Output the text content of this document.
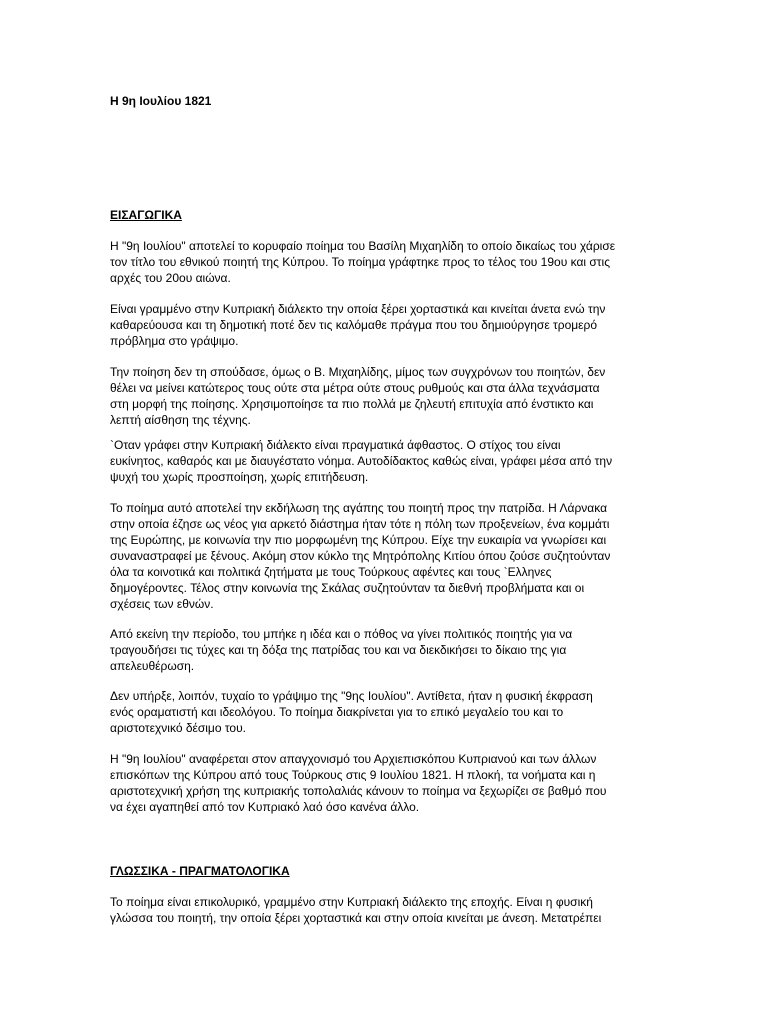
Η 9η Ιουλίου 1821
ΕΙΣΑΓΩΓΙΚΑ

Η "9η Ιουλίου" αποτελεί το κορυφαίο ποίημα του Βασίλη Μιχαηλίδη το οποίο δικαίως του χάρισε
τον τίτλο του εθνικού ποιητή της Κύπρου. Το ποίημα γράφτηκε προς το τέλος του 19ου και στις
αρχές του 20ου αιώνα.

Είναι γραμμένο στην Κυπριακή διάλεκτο την οποία ξέρει χορταστικά και κινείται άνετα ενώ την
καθαρεύουσα και τη δημοτική ποτέ δεν τις καλόμαθε πράγμα που του δημιούργησε τρομερό
πρόβλημα στο γράψιμο.

Την ποίηση δεν τη σπούδασε, όμως ο Β. Μιχαηλίδης, μίμος των συγχρόνων του ποιητών, δεν
θέλει να μείνει κατώτερος τους ούτε στα μέτρα ούτε στους ρυθμούς και στα άλλα τεχνάσματα
στη μορφή της ποίησης. Χρησιμοποίησε τα πιο πολλά με ζηλευτή επιτυχία από ένστικτο και
λεπτή αίσθηση της τέχνης.

`Οταν γράφει στην Κυπριακή διάλεκτο είναι πραγματικά άφθαστος. Ο στίχος του είναι
ευκίνητος, καθαρός και με διαυγέστατο νόημα. Αυτοδίδακτος καθώς είναι, γράφει μέσα από την
ψυχή του χωρίς προσποίηση, χωρίς επιτήδευση.

Το ποίημα αυτό αποτελεί την εκδήλωση της αγάπης του ποιητή προς την πατρίδα. Η Λάρνακα
στην οποία έζησε ως νέος για αρκετό διάστημα ήταν τότε η πόλη των προξενείων, ένα κομμάτι
της Ευρώπης, με κοινωνία την πιο μορφωμένη της Κύπρου. Είχε την ευκαιρία να γνωρίσει και
συναναστραφεί με ξένους. Ακόμη στον κύκλο της Μητρόπολης Κιτίου όπου ζούσε συζητούνταν
όλα τα κοινοτικά και πολιτικά ζητήματα με τους Τούρκους αφέντες και τους `Ελληνες
δημογέροντες. Τέλος στην κοινωνία της Σκάλας συζητούνταν τα διεθνή προβλήματα και οι
σχέσεις των εθνών.

Από εκείνη την περίοδο, του μπήκε η ιδέα και ο πόθος να γίνει πολιτικός ποιητής για να
τραγουδήσει τις τύχες και τη δόξα της πατρίδας του και να διεκδικήσει το δίκαιο της για
απελευθέρωση.

Δεν υπήρξε, λοιπόν, τυχαίο το γράψιμο της "9ης Ιουλίου". Αντίθετα, ήταν η φυσική έκφραση
ενός οραματιστή και ιδεολόγου. Το ποίημα διακρίνεται για το επικό μεγαλείο του και το
αριστοτεχνικό δέσιμο του.

Η "9η Ιουλίου" αναφέρεται στον απαγχονισμό του Αρχιεπισκόπου Κυπριανού και των άλλων
επισκόπων της Κύπρου από τους Τούρκους στις 9 Ιουλίου 1821. Η πλοκή, τα νοήματα και η
αριστοτεχνική χρήση της κυπριακής τοπολαλιάς κάνουν το ποίημα να ξεχωρίζει σε βαθμό που
να έχει αγαπηθεί από τον Κυπριακό λαό όσο κανένα άλλο.

ΓΛΩΣΣΙΚΑ - ΠΡΑΓΜΑΤΟΛΟΓΙΚΑ

Το ποίημα είναι επικολυρικό, γραμμένο στην Κυπριακή διάλεκτο της εποχής. Είναι η φυσική
γλώσσα του ποιητή, την οποία ξέρει χορταστικά και στην οποία κινείται με άνεση. Μετατρέπει
